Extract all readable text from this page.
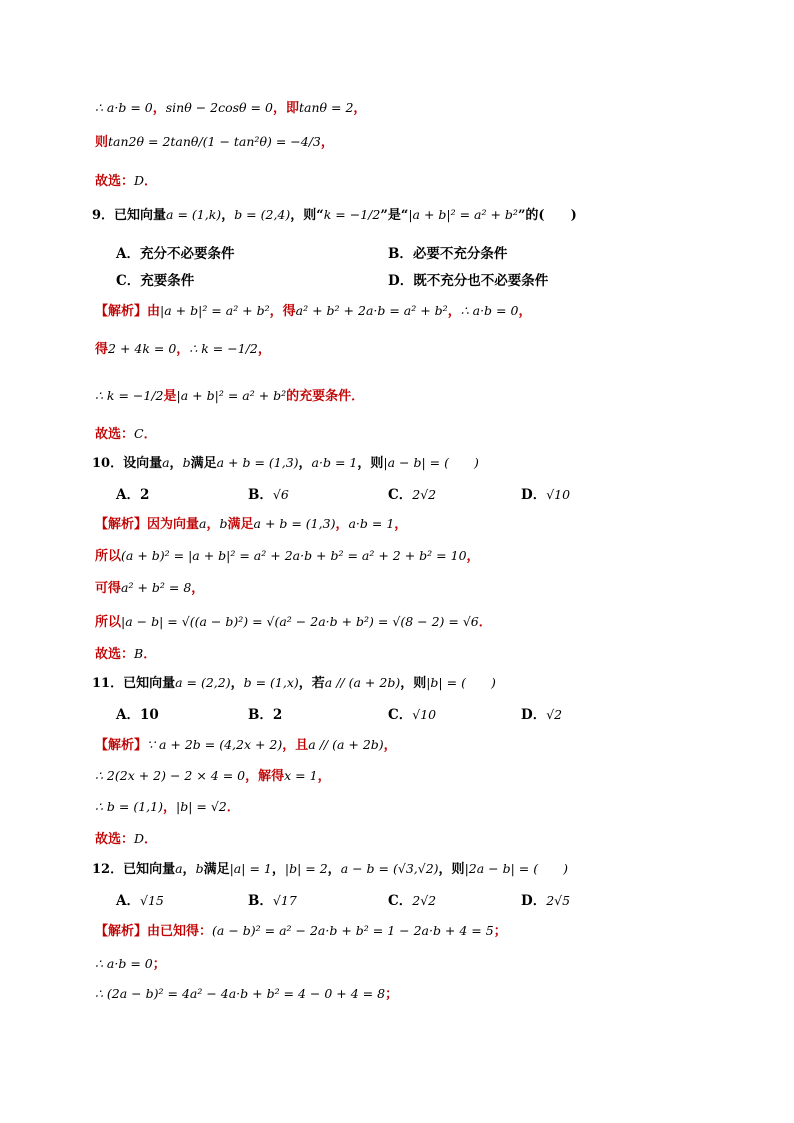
∴ a·b = 0，sinθ − 2cosθ = 0，即tanθ = 2，
则tan2θ = 2tanθ/(1 − tan²θ) = −4/3，
故选：D．
9．已知向量a = (1,k)，b = (2,4)，则“k = −1/2”是“|a + b|² = a² + b²”的(　　)
A．充分不必要条件	B．必要不充分条件
C．充要条件	D．既不充分也不必要条件
【解析】由|a + b|² = a² + b²，得a² + b² + 2a·b = a² + b²，∴ a·b = 0，
得2 + 4k = 0，∴ k = −1/2，
∴ k = −1/2是|a + b|² = a² + b²的充要条件．
故选：C．
10．设向量a，b满足a + b = (1,3)，a·b = 1，则|a − b| = (　　)
A．2	B．√6	C．2√2	D．√10
【解析】因为向量a，b满足a + b = (1,3)，a·b = 1，
所以(a + b)² = |a + b|² = a² + 2a·b + b² = a² + 2 + b² = 10，
可得a² + b² = 8，
所以|a − b| = √((a − b)²) = √(a² − 2a·b + b²) = √(8 − 2) = √6．
故选：B．
11．已知向量a = (2,2)，b = (1,x)，若a // (a + 2b)，则|b| = (　　)
A．10	B．2	C．√10	D．√2
【解析】∵ a + 2b = (4,2x + 2)，且a // (a + 2b)，
∴ 2(2x + 2) − 2 × 4 = 0，解得x = 1，
∴ b = (1,1)，|b| = √2．
故选：D．
12．已知向量a，b满足|a| = 1，|b| = 2，a − b = (√3,√2)，则|2a − b| = (　　)
A．√15	B．√17	C．2√2	D．2√5
【解析】由已知得：(a − b)² = a² − 2a·b + b² = 1 − 2a·b + 4 = 5；
∴ a·b = 0；
∴ (2a − b)² = 4a² − 4a·b + b² = 4 − 0 + 4 = 8；
